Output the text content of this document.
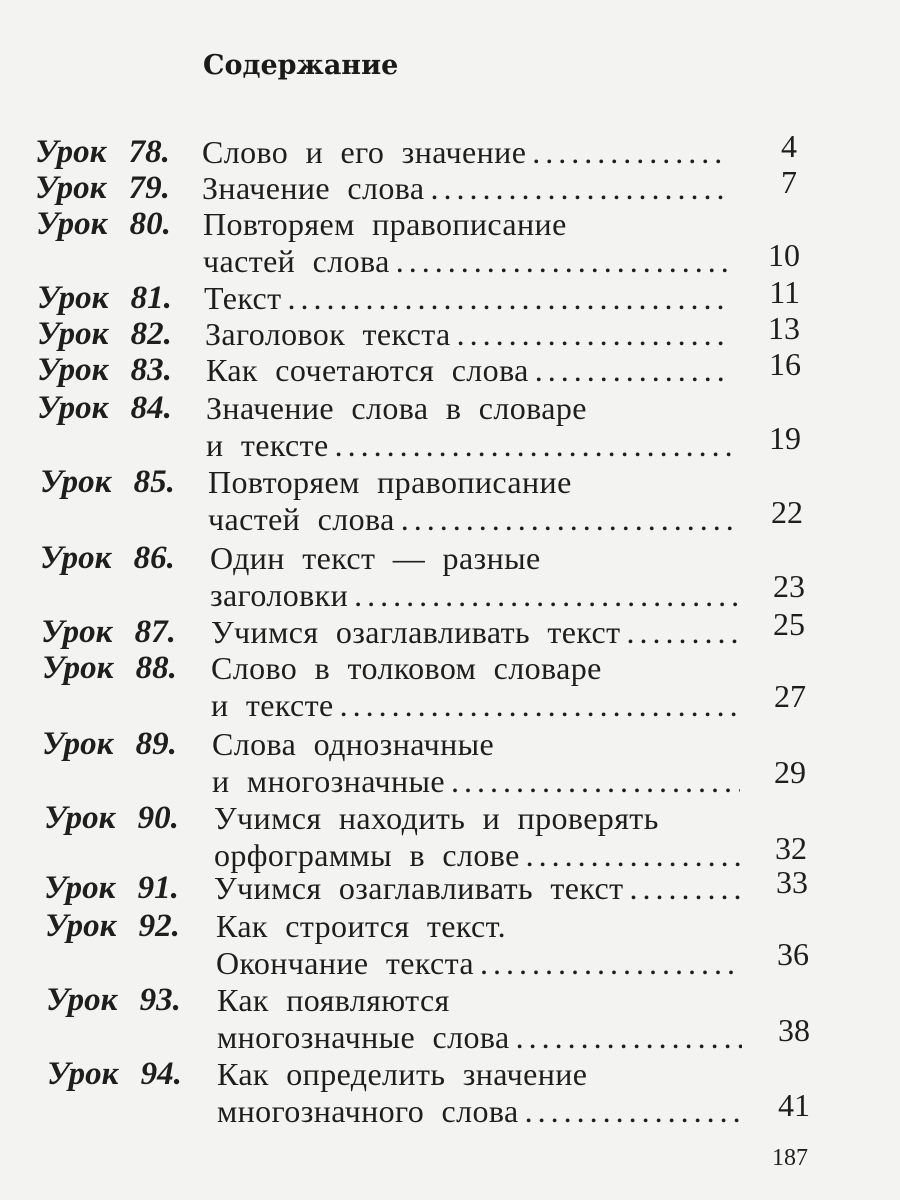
Содержание
Урок 78. Слово и его значение . . .	4
Урок 79. Значение слова . . .	7
Урок 80. Повторяем правописание
частей слова . . .	10
Урок 81. Текст . . .	11
Урок 82. Заголовок текста . . .	13
Урок 83. Как сочетаются слова . . .	16
Урок 84. Значение слова в словаре
и тексте . . .	19
Урок 85. Повторяем правописание
частей слова . . .	22
Урок 86. Один текст — разные
заголовки . . .	23
Урок 87. Учимся озаглавливать текст . . .	25
Урок 88. Слово в толковом словаре
и тексте . . .	27
Урок 89. Слова однозначные
и многозначные . . .	29
Урок 90. Учимся находить и проверять
орфограммы в слове . . .	32
Урок 91. Учимся озаглавливать текст . . .	33
Урок 92. Как строится текст.
Окончание текста . . .	36
Урок 93. Как появляются
многозначные слова . . .	38
Урок 94. Как определить значение
многозначного слова . . .	41
187
